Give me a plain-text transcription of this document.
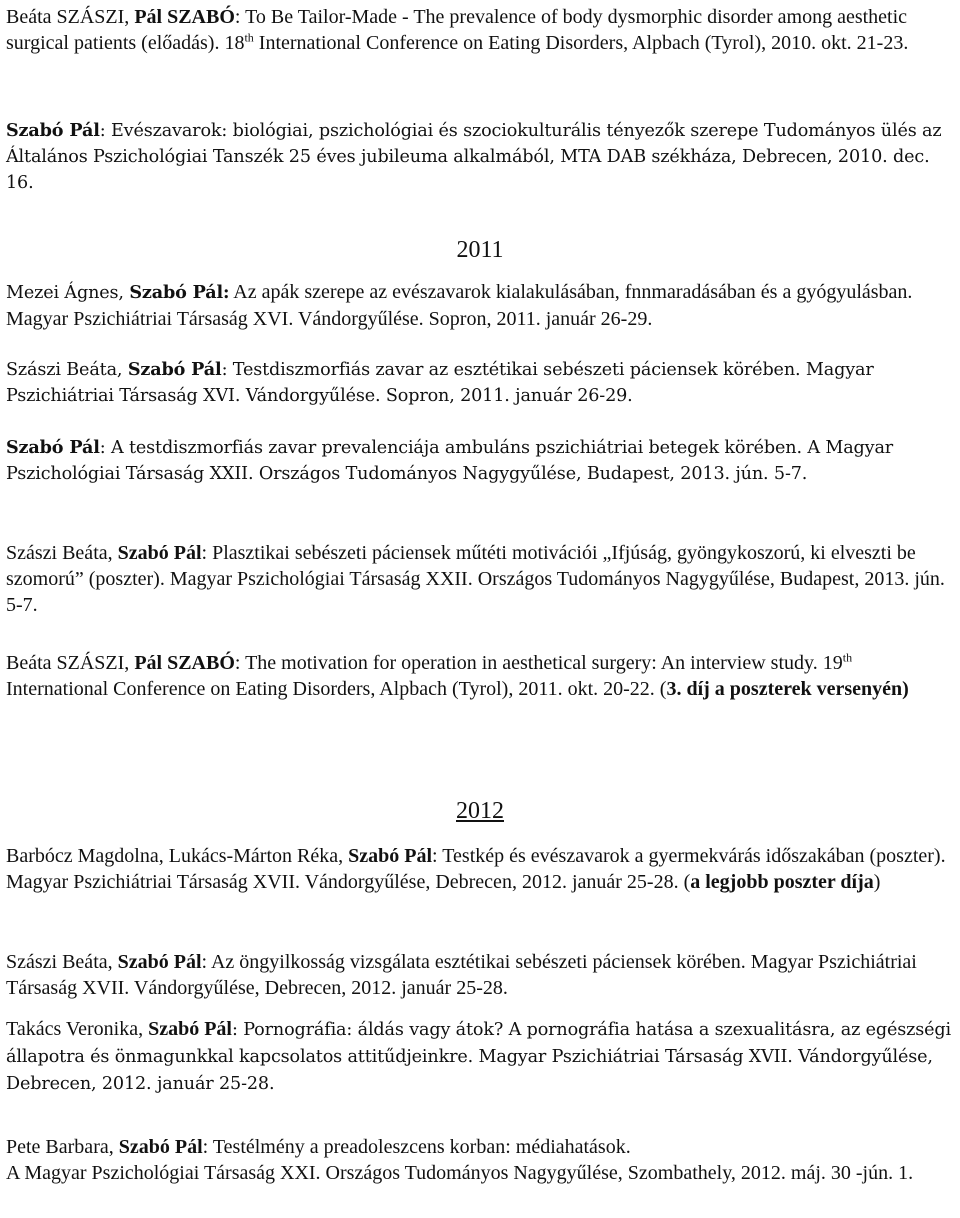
Beáta SZÁSZI, Pál SZABÓ: To Be Tailor-Made - The prevalence of body dysmorphic disorder among aesthetic surgical patients (előadás). 18th International Conference on Eating Disorders, Alpbach (Tyrol), 2010. okt. 21-23.

Szabó Pál: Evészavarok: biológiai, pszichológiai és szociokulturális tényezők szerepe Tudományos ülés az Általános Pszichológiai Tanszék 25 éves jubileuma alkalmából, MTA DAB székháza, Debrecen, 2010. dec. 16.

2011

Mezei Ágnes, Szabó Pál: Az apák szerepe az evészavarok kialakulásában, fnnmaradásában és a gyógyulásban. Magyar Pszichiátriai Társaság XVI. Vándorgyűlése. Sopron, 2011. január 26-29.

Szászi Beáta, Szabó Pál: Testdiszmorfiás zavar az esztétikai sebészeti páciensek körében. Magyar Pszichiátriai Társaság XVI. Vándorgyűlése. Sopron, 2011. január 26-29.

Szabó Pál: A testdiszmorfiás zavar prevalenciája ambuláns pszichiátriai betegek körében. A Magyar Pszichológiai Társaság XXII. Országos Tudományos Nagygyűlése, Budapest, 2013. jún. 5-7.

Szászi Beáta, Szabó Pál: Plasztikai sebészeti páciensek műtéti motivációi „Ifjúság, gyöngykoszorú, ki elveszti be szomorú” (poszter). Magyar Pszichológiai Társaság XXII. Országos Tudományos Nagygyűlése, Budapest, 2013. jún. 5-7.

Beáta SZÁSZI, Pál SZABÓ: The motivation for operation in aesthetical surgery: An interview study. 19th International Conference on Eating Disorders, Alpbach (Tyrol), 2011. okt. 20-22. (3. díj a poszterek versenyén)

2012

Barbócz Magdolna, Lukács-Márton Réka, Szabó Pál: Testkép és evészavarok a gyermekvárás időszakában (poszter). Magyar Pszichiátriai Társaság XVII. Vándorgyűlése, Debrecen, 2012. január 25-28. (a legjobb poszter díja)

Szászi Beáta, Szabó Pál: Az öngyilkosság vizsgálata esztétikai sebészeti páciensek körében. Magyar Pszichiátriai Társaság XVII. Vándorgyűlése, Debrecen, 2012. január 25-28.

Takács Veronika, Szabó Pál: Pornográfia: áldás vagy átok? A pornográfia hatása a szexualitásra, az egészségi állapotra és önmagunkkal kapcsolatos attitűdjeinkre. Magyar Pszichiátriai Társaság XVII. Vándorgyűlése, Debrecen, 2012. január 25-28.

Pete Barbara, Szabó Pál: Testélmény a preadoleszcens korban: médiahatások.
A Magyar Pszichológiai Társaság XXI. Országos Tudományos Nagygyűlése, Szombathely, 2012. máj. 30 -jún. 1.
